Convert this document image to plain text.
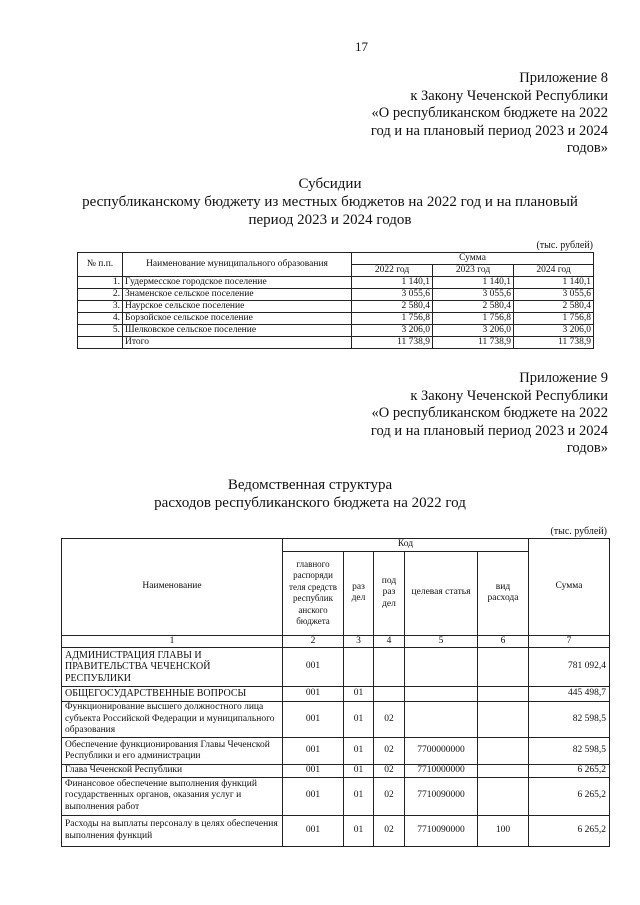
17
Приложение 8
к Закону Чеченской Республики
«О республиканском бюджете на 2022
год и на плановый период 2023 и 2024
годов»
Субсидии
республиканскому бюджету из местных бюджетов на 2022 год и на плановый
период 2023 и 2024 годов
(тыс. рублей)
№ п.п.	Наименование муниципального образования	Сумма		
		2022 год	2023 год	2024 год
1.	Гудермесское городское поселение	1 140,1	1 140,1	1 140,1
2.	Знаменское сельское поселение	3 055,6	3 055,6	3 055,6
3.	Наурское сельское поселение	2 580,4	2 580,4	2 580,4
4.	Борзойское сельское поселение	1 756,8	1 756,8	1 756,8
5.	Шелковское сельское поселение	3 206,0	3 206,0	3 206,0
	Итого	11 738,9	11 738,9	11 738,9
Приложение 9
к Закону Чеченской Республики
«О республиканском бюджете на 2022
год и на плановый период 2023 и 2024
годов»
Ведомственная структура
расходов республиканского бюджета на 2022 год
(тыс. рублей)
Наименование	Код					Сумма
	главного распоряди теля средств республик анского бюджета	раз дел	под раз дел	целевая статья	вид расхода	
1	2	3	4	5	6	7
АДМИНИСТРАЦИЯ ГЛАВЫ И ПРАВИТЕЛЬСТВА ЧЕЧЕНСКОЙ РЕСПУБЛИКИ	001					781 092,4
ОБЩЕГОСУДАРСТВЕННЫЕ ВОПРОСЫ	001	01				445 498,7
Функционирование высшего должностного лица субъекта Российской Федерации и муниципального образования	001	01	02			82 598,5
Обеспечение функционирования Главы Чеченской Республики и его администрации	001	01	02	7700000000		82 598,5
Глава Чеченской Республики	001	01	02	7710000000		6 265,2
Финансовое обеспечение выполнения функций государственных органов, оказания услуг и выполнения работ	001	01	02	7710090000		6 265,2
Расходы на выплаты персоналу в целях обеспечения выполнения функций	001	01	02	7710090000	100	6 265,2
